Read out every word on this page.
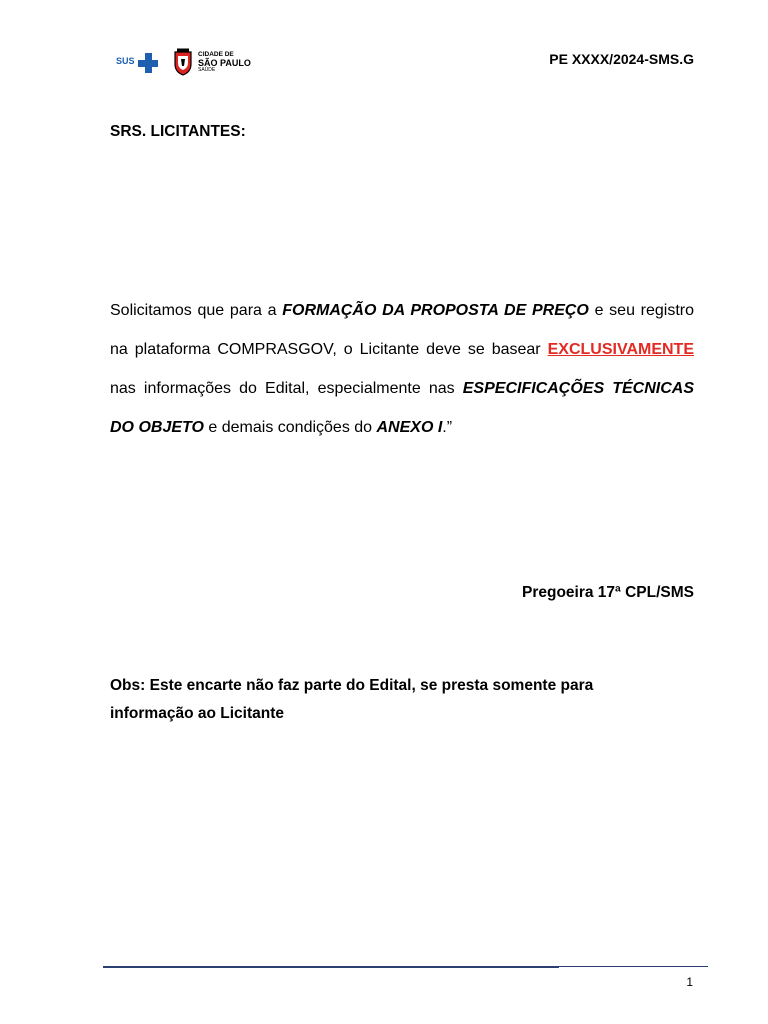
SUS
CIDADE DE
SÃO PAULO
SAÚDE
PE XXXX/2024-SMS.G
SRS. LICITANTES:

Solicitamos que para a FORMAÇÃO DA PROPOSTA DE PREÇO e seu registro na plataforma COMPRASGOV, o Licitante deve se basear EXCLUSIVAMENTE nas informações do Edital, especialmente nas ESPECIFICAÇÕES TÉCNICAS DO OBJETO e demais condições do ANEXO I.”

Pregoeira 17ª CPL/SMS
Obs: Este encarte não faz parte do Edital, se presta somente para
informação ao Licitante
1
